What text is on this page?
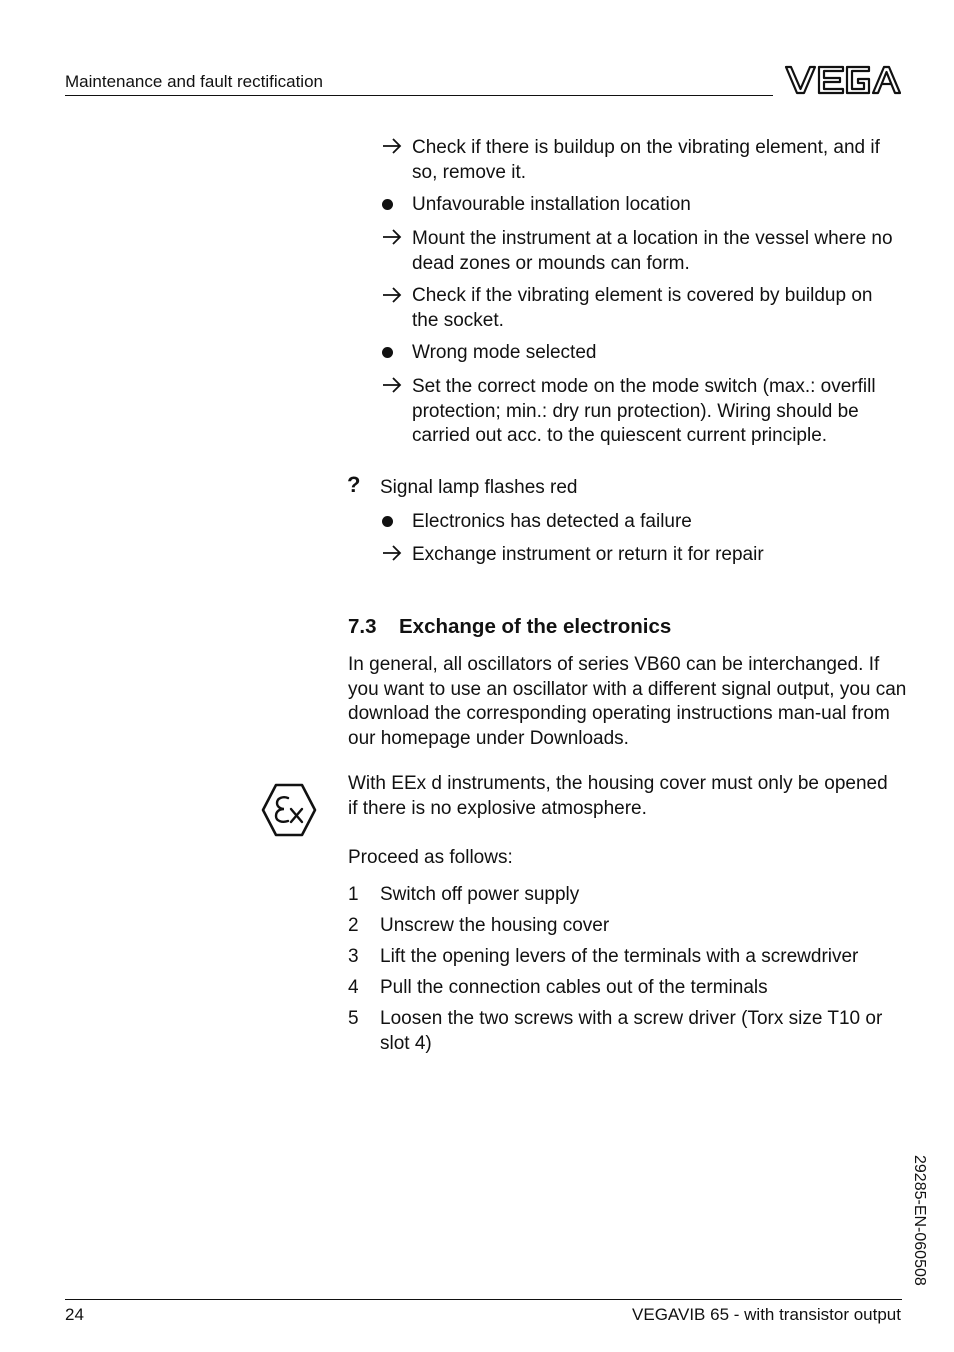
Maintenance and fault rectification
Check if there is buildup on the vibrating element, and if so, remove it.
Unfavourable installation location
Mount the instrument at a location in the vessel where no dead zones or mounds can form.
Check if the vibrating element is covered by buildup on the socket.
Wrong mode selected
Set the correct mode on the mode switch (max.: overfill protection; min.: dry run protection). Wiring should be carried out acc. to the quiescent current principle.
? Signal lamp flashes red
Electronics has detected a failure
Exchange instrument or return it for repair
7.3 Exchange of the electronics
In general, all oscillators of series VB60 can be interchanged. If you want to use an oscillator with a different signal output, you can download the corresponding operating instructions man-ual from our homepage under Downloads.
With EEx d instruments, the housing cover must only be opened if there is no explosive atmosphere.
Proceed as follows:
1 Switch off power supply
2 Unscrew the housing cover
3 Lift the opening levers of the terminals with a screwdriver
4 Pull the connection cables out of the terminals
5 Loosen the two screws with a screw driver (Torx size T10 or slot 4)
29285-EN-060508
24	VEGAVIB 65 - with transistor output
